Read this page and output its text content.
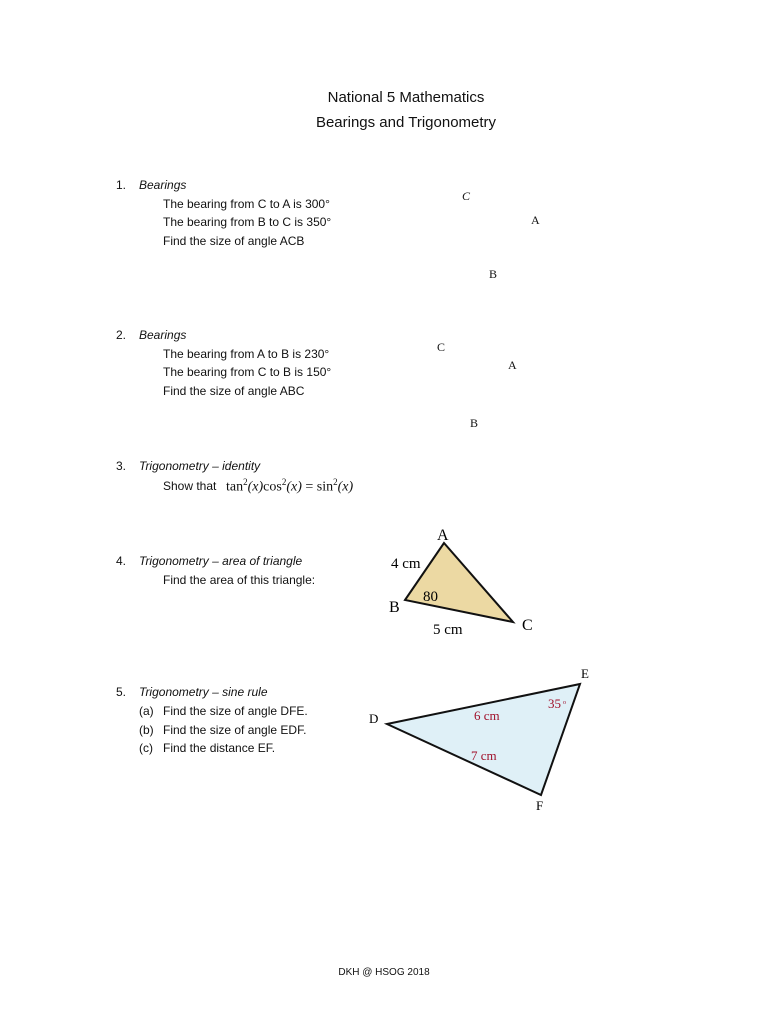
National 5 Mathematics
Bearings and Trigonometry
1. Bearings
The bearing from C to A is 300°
The bearing from B to C is 350°
Find the size of angle ACB
C
A
B
2. Bearings
The bearing from A to B is 230°
The bearing from C to B is 150°
Find the size of angle ABC
C
A
B
3. Trigonometry – identity
Show that $\tan^2(x)\cos^2(x) = \sin^2(x)$
4. Trigonometry – area of triangle
Find the area of this triangle:
5. Trigonometry – sine rule
(a) Find the size of angle DFE.
(b) Find the size of angle EDF.
(c) Find the distance EF.
A
B
C
4 cm
5 cm
80
D
E
F
6 cm
7 cm
35 o
DKH @ HSOG 2018
